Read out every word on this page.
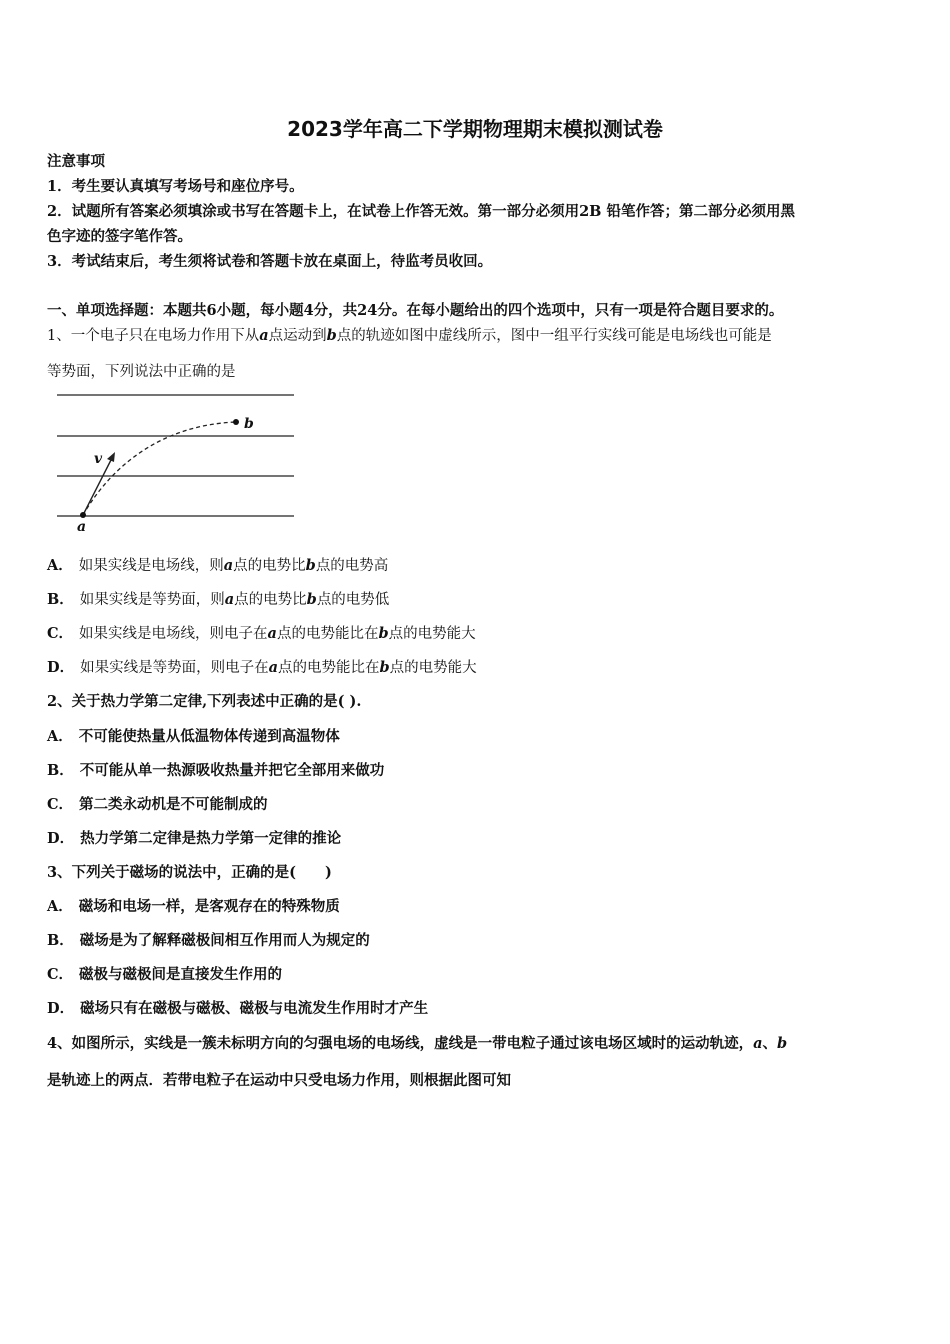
2023学年高二下学期物理期末模拟测试卷
注意事项
1．考生要认真填写考场号和座位序号。
2．试题所有答案必须填涂或书写在答题卡上，在试卷上作答无效。第一部分必须用2B 铅笔作答；第二部分必须用黑
色字迹的签字笔作答。
3．考试结束后，考生须将试卷和答题卡放在桌面上，待监考员收回。
一、单项选择题：本题共6小题，每小题4分，共24分。在每小题给出的四个选项中，只有一项是符合题目要求的。
1、一个电子只在电场力作用下从a点运动到b点的轨迹如图中虚线所示，图中一组平行实线可能是电场线也可能是
等势面，下列说法中正确的是
v
a
b
A． 如果实线是电场线，则a点的电势比b点的电势高
B． 如果实线是等势面，则a点的电势比b点的电势低
C． 如果实线是电场线，则电子在a点的电势能比在b点的电势能大
D． 如果实线是等势面，则电子在a点的电势能比在b点的电势能大
2、关于热力学第二定律,下列表述中正确的是( ).
A． 不可能使热量从低温物体传递到高温物体
B． 不可能从单一热源吸收热量并把它全部用来做功
C． 第二类永动机是不可能制成的
D． 热力学第二定律是热力学第一定律的推论
3、下列关于磁场的说法中，正确的是(　　)
A． 磁场和电场一样，是客观存在的特殊物质
B． 磁场是为了解释磁极间相互作用而人为规定的
C． 磁极与磁极间是直接发生作用的
D． 磁场只有在磁极与磁极、磁极与电流发生作用时才产生
4、如图所示，实线是一簇未标明方向的匀强电场的电场线，虚线是一带电粒子通过该电场区域时的运动轨迹，a、b
是轨迹上的两点．若带电粒子在运动中只受电场力作用，则根据此图可知
